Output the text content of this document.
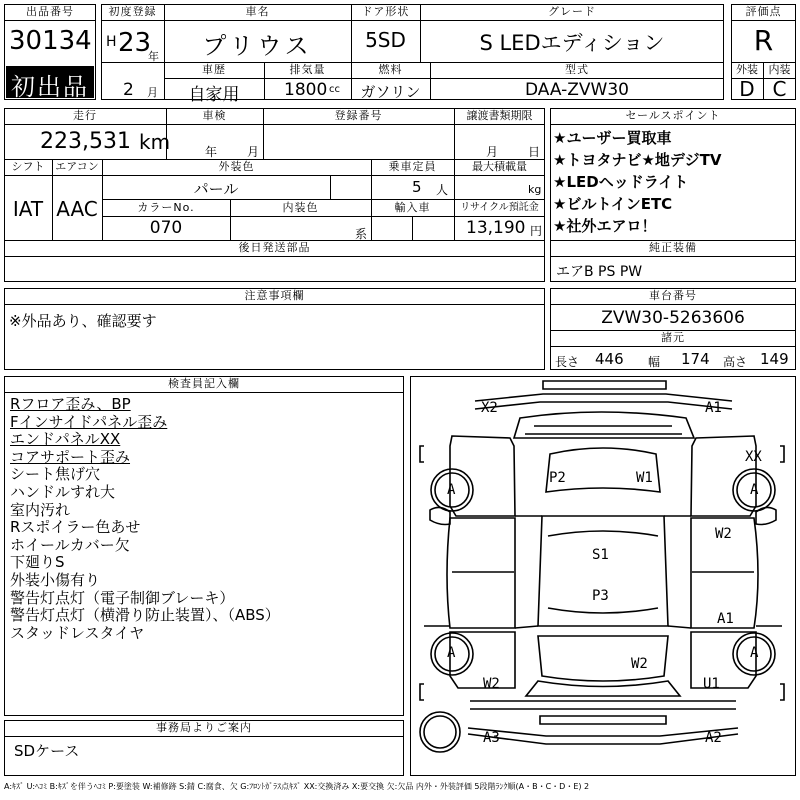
出品番号
30134
初出品
初度登録
H 23
年
2 月
車名
プリウス
ドア形状
5SD
グレード
S LEDエディション
車歴
自家用
排気量
1800 cc
燃料
ガソリン
型式
DAA-ZVW30
評価点
R
外装
D
内装
C
走行
223,531 km
車検
年 月
登録番号	譲渡書類期限
月 日
シフト
IAT
エアコン
AAC
外装色
パール
カラーNo.
070
内装色
系
乗車定員
5 人
最大積載量
kg
輸入車	リサイクル預託金
13,190 円
後日発送部品
セールスポイント
★ユーザー買取車
★トヨタナビ★地デジTV
★LEDヘッドライト
★ビルトインETC
★社外エアロ！
純正装備
エアB PS PW
注意事項欄
※外品あり、確認要す
車台番号
ZVW30-5263606
諸元
長さ 446 幅 174 高さ 149
検査員記入欄
Rフロア歪み、BP
Fインサイドパネル歪み
エンドパネルXX
コアサポート歪み
シート焦げ穴
ハンドルすれ大
室内汚れ
Rスポイラー色あせ
ホイールカバー欠
下廻りS
外装小傷有り
警告灯点灯（電子制御ブレーキ）
警告灯点灯（横滑り防止装置）、（ABS）
スタッドレスタイヤ
事務局よりご案内
SDケース
X2	A1
XX
P2	W1
A	A
W2
S1
P3
A1
A	A
W2
W2	U1
A3	A2
A:ｷｽﾞ U:ﾍｺﾐ B:ｷｽﾞを伴うﾍｺﾐ P:要塗装 W:補修跡 S:錆 C:腐食、欠 G:ﾌﾛﾝﾄｶﾞﾗｽ点ｷｽﾞ XX:交換済み X:要交換 欠:欠品 内外・外装評価 5段階ﾗﾝｸ順(A・B・C・D・E) 2
